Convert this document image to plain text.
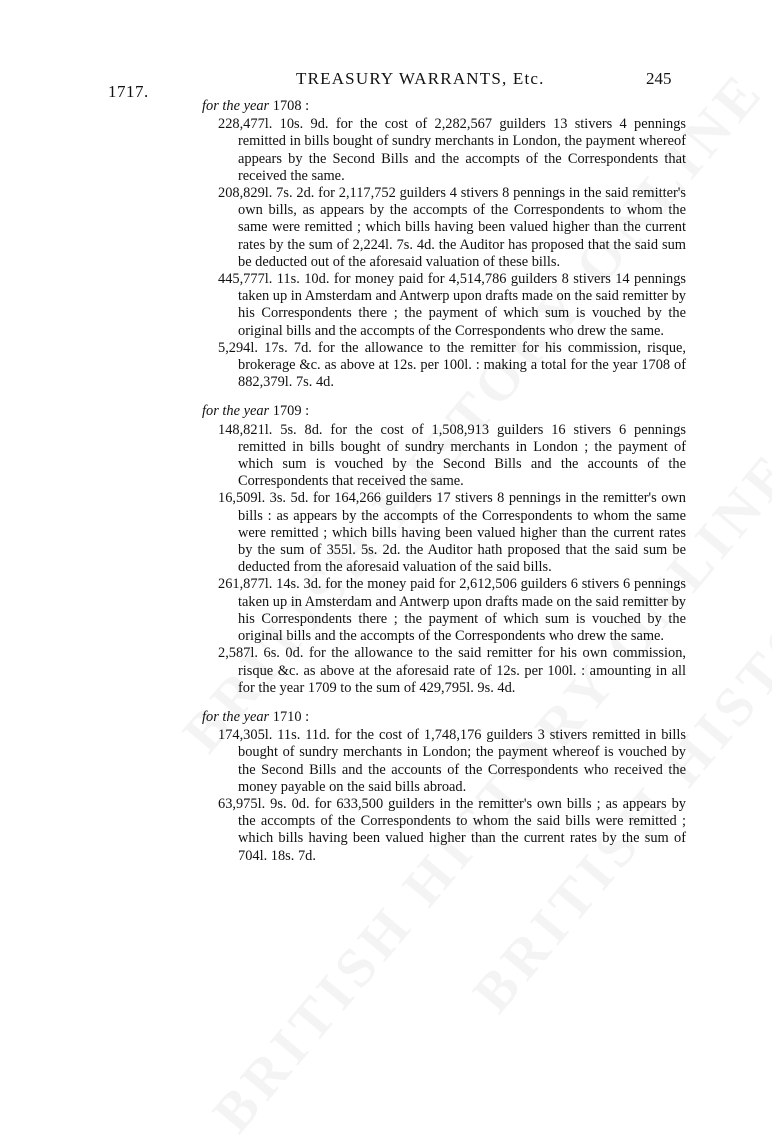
1717.
TREASURY WARRANTS, Etc.	245
for the year 1708 :

228,477l. 10s. 9d. for the cost of 2,282,567 guilders 13 stivers 4 pennings remitted in bills bought of sundry merchants in London, the payment whereof appears by the Second Bills and the accompts of the Correspondents that received the same.

208,829l. 7s. 2d. for 2,117,752 guilders 4 stivers 8 pennings in the said remitter's own bills, as appears by the accompts of the Correspondents to whom the same were remitted ; which bills having been valued higher than the current rates by the sum of 2,224l. 7s. 4d. the Auditor has proposed that the said sum be deducted out of the aforesaid valuation of these bills.

445,777l. 11s. 10d. for money paid for 4,514,786 guilders 8 stivers 14 pennings taken up in Amsterdam and Antwerp upon drafts made on the said remitter by his Correspondents there ; the payment of which sum is vouched by the original bills and the accompts of the Correspondents who drew the same.

5,294l. 17s. 7d. for the allowance to the remitter for his commission, risque, brokerage &c. as above at 12s. per 100l. : making a total for the year 1708 of 882,379l. 7s. 4d.

for the year 1709 :

148,821l. 5s. 8d. for the cost of 1,508,913 guilders 16 stivers 6 pennings remitted in bills bought of sundry merchants in London ; the payment of which sum is vouched by the Second Bills and the accounts of the Correspondents that received the same.

16,509l. 3s. 5d. for 164,266 guilders 17 stivers 8 pennings in the remitter's own bills : as appears by the accompts of the Correspondents to whom the same were remitted ; which bills having been valued higher than the current rates by the sum of 355l. 5s. 2d. the Auditor hath proposed that the said sum be deducted from the aforesaid valuation of the said bills.

261,877l. 14s. 3d. for the money paid for 2,612,506 guilders 6 stivers 6 pennings taken up in Amsterdam and Antwerp upon drafts made on the said remitter by his Correspondents there ; the payment of which sum is vouched by the original bills and the accompts of the Correspondents who drew the same.

2,587l. 6s. 0d. for the allowance to the said remitter for his own commission, risque &c. as above at the aforesaid rate of 12s. per 100l. : amounting in all for the year 1709 to the sum of 429,795l. 9s. 4d.

for the year 1710 :

174,305l. 11s. 11d. for the cost of 1,748,176 guilders 3 stivers remitted in bills bought of sundry merchants in London; the payment whereof is vouched by the Second Bills and the accounts of the Correspondents who received the money payable on the said bills abroad.

63,975l. 9s. 0d. for 633,500 guilders in the remitter's own bills ; as appears by the accompts of the Correspondents to whom the said bills were remitted ; which bills having been valued higher than the current rates by the sum of 704l. 18s. 7d.
